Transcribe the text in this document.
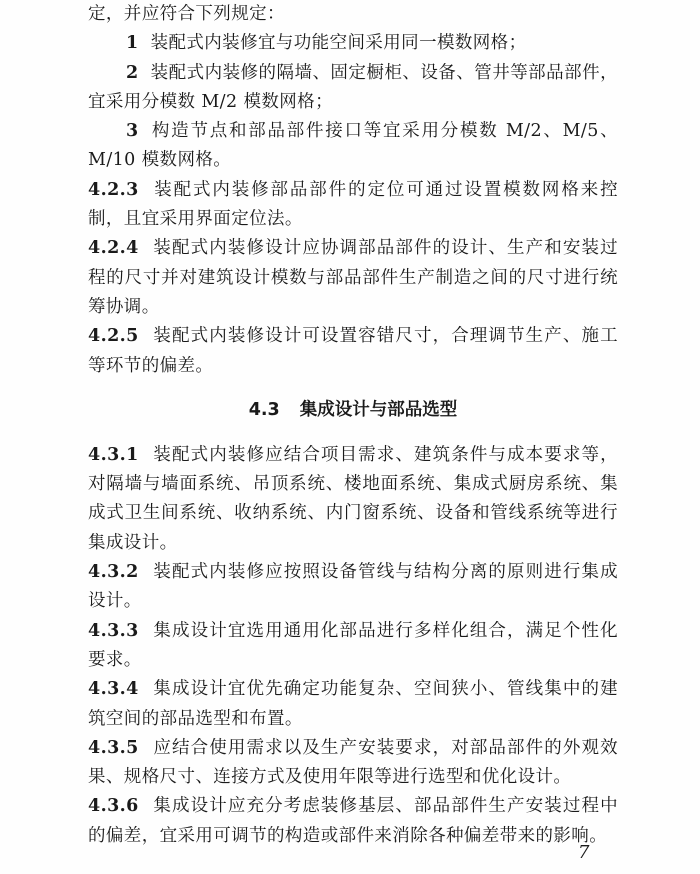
定，并应符合下列规定：

1 装配式内装修宜与功能空间采用同一模数网格；

2 装配式内装修的隔墙、固定橱柜、设备、管井等部品部件，宜采用分模数 M/2 模数网格；

3 构造节点和部品部件接口等宜采用分模数 M/2、M/5、M/10 模数网格。

4.2.3 装配式内装修部品部件的定位可通过设置模数网格来控制，且宜采用界面定位法。

4.2.4 装配式内装修设计应协调部品部件的设计、生产和安装过程的尺寸并对建筑设计模数与部品部件生产制造之间的尺寸进行统筹协调。

4.2.5 装配式内装修设计可设置容错尺寸，合理调节生产、施工等环节的偏差。

4.3 集成设计与部品选型

4.3.1 装配式内装修应结合项目需求、建筑条件与成本要求等，对隔墙与墙面系统、吊顶系统、楼地面系统、集成式厨房系统、集成式卫生间系统、收纳系统、内门窗系统、设备和管线系统等进行集成设计。

4.3.2 装配式内装修应按照设备管线与结构分离的原则进行集成设计。

4.3.3 集成设计宜选用通用化部品进行多样化组合，满足个性化要求。

4.3.4 集成设计宜优先确定功能复杂、空间狭小、管线集中的建筑空间的部品选型和布置。

4.3.5 应结合使用需求以及生产安装要求，对部品部件的外观效果、规格尺寸、连接方式及使用年限等进行选型和优化设计。

4.3.6 集成设计应充分考虑装修基层、部品部件生产安装过程中的偏差，宜采用可调节的构造或部件来消除各种偏差带来的影响。

7
